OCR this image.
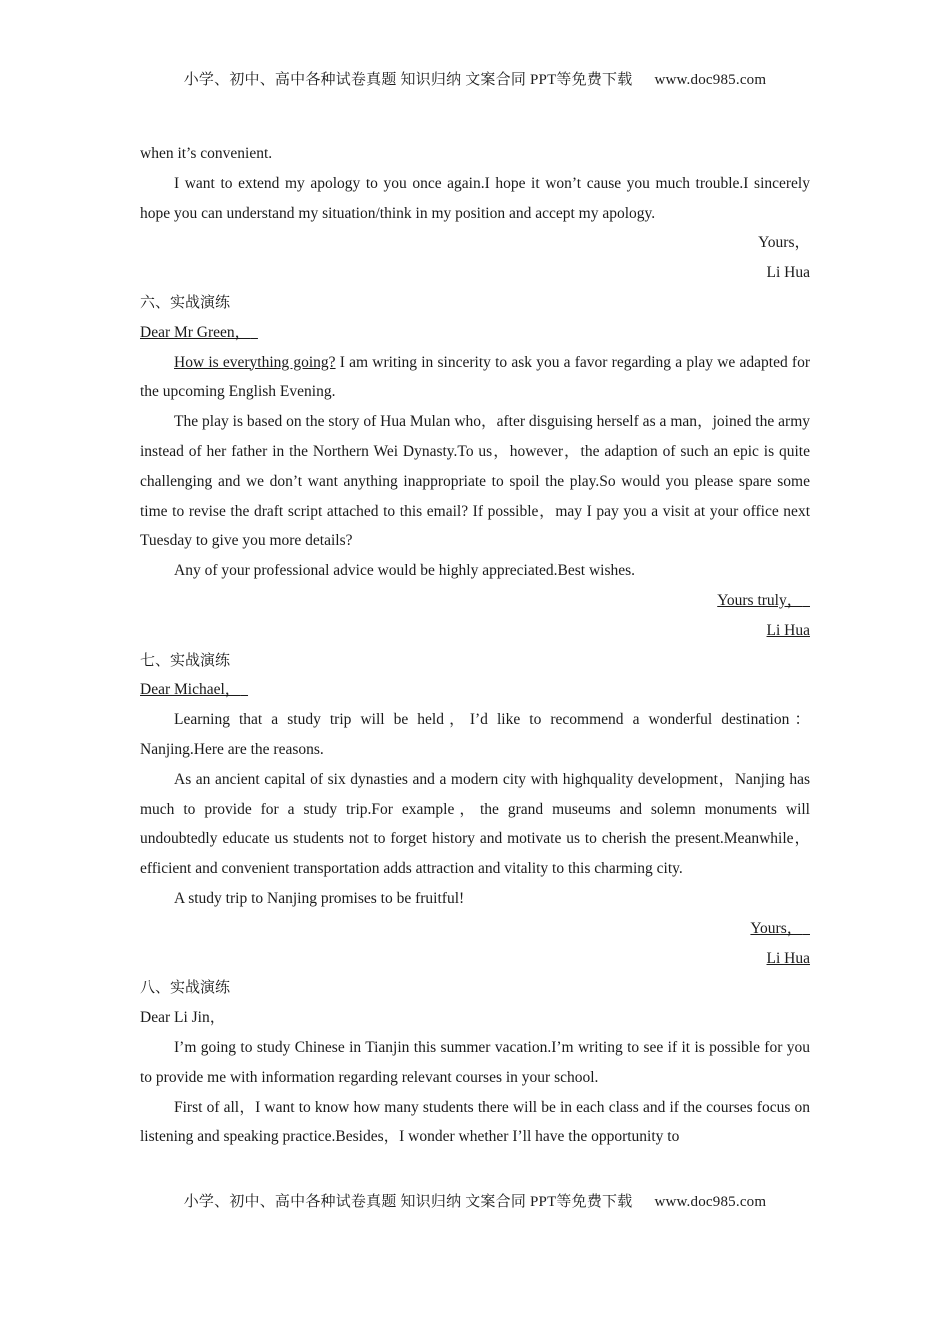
小学、初中、高中各种试卷真题 知识归纳 文案合同 PPT等免费下载 www.doc985.com
when it’s convenient.
I want to extend my apology to you once again.I hope it won’t cause you much trouble.I sincerely hope you can understand my situation/think in my position and accept my apology.
Yours，
Li Hua
六、实战演练
Dear Mr Green，
How is everything going? I am writing in sincerity to ask you a favor regarding a play we adapted for the upcoming English Evening.
The play is based on the story of Hua Mulan who，after disguising herself as a man，joined the army instead of her father in the Northern Wei Dynasty.To us，however，the adaption of such an epic is quite challenging and we don’t want anything inappropriate to spoil the play.So would you please spare some time to revise the draft script attached to this email? If possible，may I pay you a visit at your office next Tuesday to give you more details?
Any of your professional advice would be highly appreciated.Best wishes.
Yours truly，
Li Hua
七、实战演练
Dear Michael，
Learning that a study trip will be held，I’d like to recommend a wonderful destination：Nanjing.Here are the reasons.
As an ancient capital of six dynasties and a modern city with highquality development，Nanjing has much to provide for a study trip.For example，the grand museums and solemn monuments will undoubtedly educate us students not to forget history and motivate us to cherish the present.Meanwhile，efficient and convenient transportation adds attraction and vitality to this charming city.
A study trip to Nanjing promises to be fruitful!
Yours，
Li Hua
八、实战演练
Dear Li Jin，
I’m going to study Chinese in Tianjin this summer vacation.I’m writing to see if it is possible for you to provide me with information regarding relevant courses in your school.
First of all，I want to know how many students there will be in each class and if the courses focus on listening and speaking practice.Besides，I wonder whether I’ll have the opportunity to
小学、初中、高中各种试卷真题 知识归纳 文案合同 PPT等免费下载 www.doc985.com
